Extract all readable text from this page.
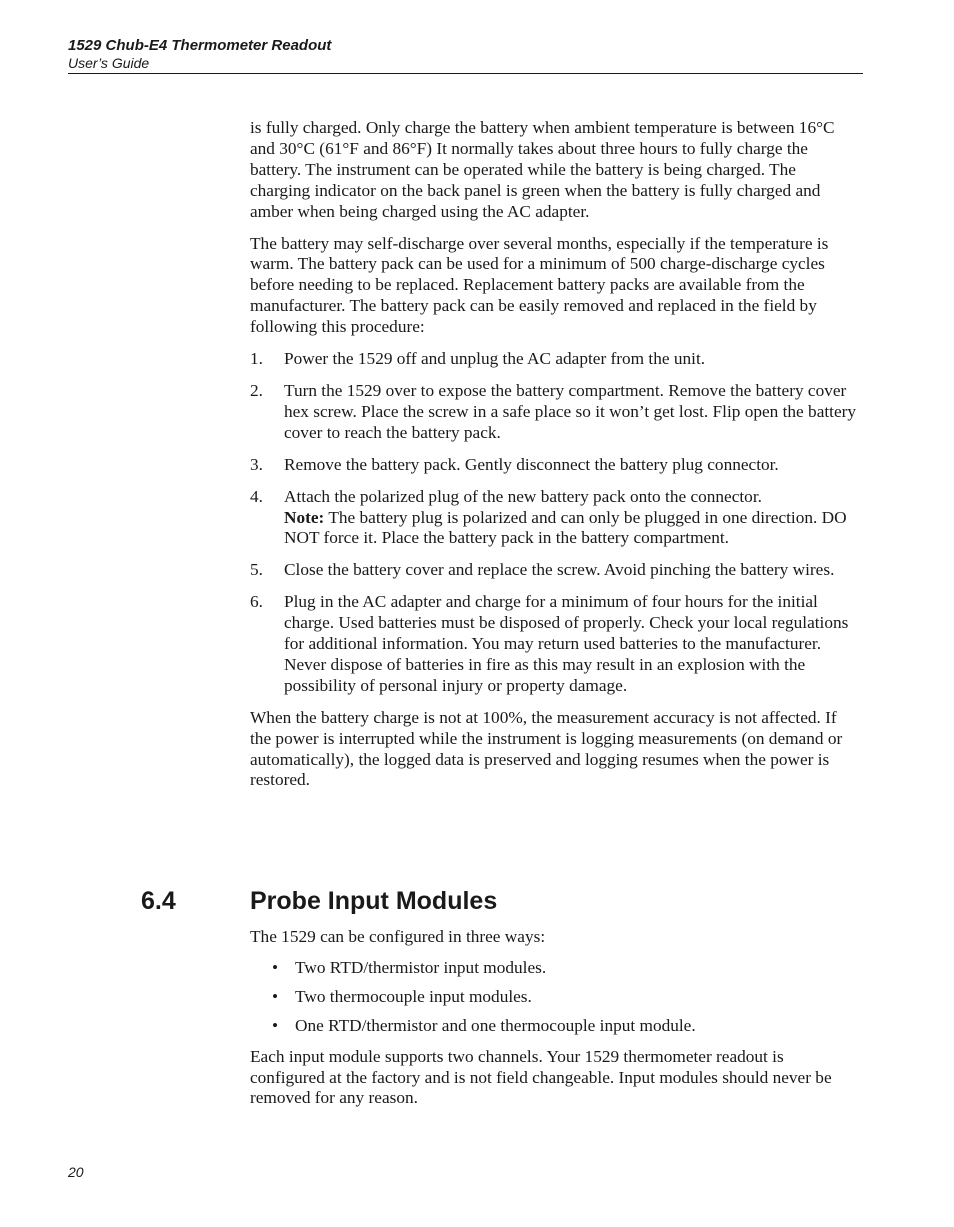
1529 Chub-E4 Thermometer Readout
User’s Guide

is fully charged. Only charge the battery when ambient temperature is between 16°C and 30°C (61°F and 86°F) It normally takes about three hours to fully charge the battery. The instrument can be operated while the battery is being charged. The charging indicator on the back panel is green when the battery is fully charged and amber when being charged using the AC adapter.

The battery may self-discharge over several months, especially if the temperature is warm. The battery pack can be used for a minimum of 500 charge-discharge cycles before needing to be replaced. Replacement battery packs are available from the manufacturer. The battery pack can be easily removed and replaced in the field by following this procedure:

1. Power the 1529 off and unplug the AC adapter from the unit.
2. Turn the 1529 over to expose the battery compartment. Remove the battery cover hex screw. Place the screw in a safe place so it won’t get lost. Flip open the battery cover to reach the battery pack.
3. Remove the battery pack. Gently disconnect the battery plug connector.
4. Attach the polarized plug of the new battery pack onto the connector.
Note: The battery plug is polarized and can only be plugged in one direction. DO NOT force it. Place the battery pack in the battery compartment.
5. Close the battery cover and replace the screw. Avoid pinching the battery wires.
6. Plug in the AC adapter and charge for a minimum of four hours for the initial charge. Used batteries must be disposed of properly. Check your local regulations for additional information. You may return used batteries to the manufacturer. Never dispose of batteries in fire as this may result in an explosion with the possibility of personal injury or property damage.

When the battery charge is not at 100%, the measurement accuracy is not affected. If the power is interrupted while the instrument is logging measurements (on demand or automatically), the logged data is preserved and logging resumes when the power is restored.

6.4	Probe Input Modules

The 1529 can be configured in three ways:

• Two RTD/thermistor input modules.
• Two thermocouple input modules.
• One RTD/thermistor and one thermocouple input module.

Each input module supports two channels. Your 1529 thermometer readout is configured at the factory and is not field changeable. Input modules should never be removed for any reason.

20
